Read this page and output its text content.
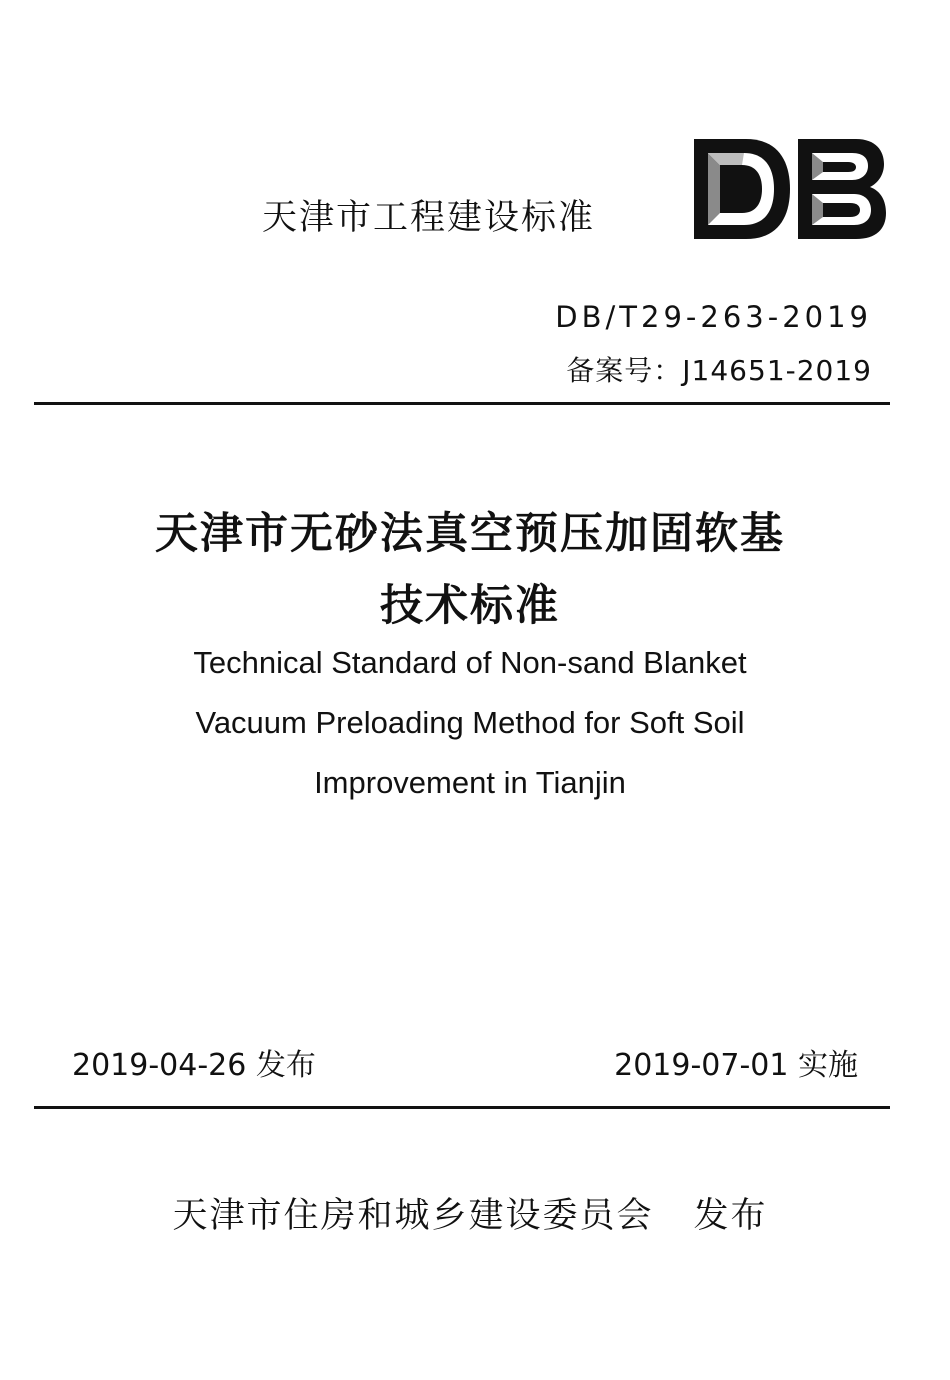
天津市工程建设标准
DB/T29-263-2019
备案号：J14651-2019
天津市无砂法真空预压加固软基
技术标准
Technical Standard of Non-sand Blanket
Vacuum Preloading Method for Soft Soil
Improvement in Tianjin
2019-04-26 发布	2019-07-01 实施
天津市住房和城乡建设委员会 发布
